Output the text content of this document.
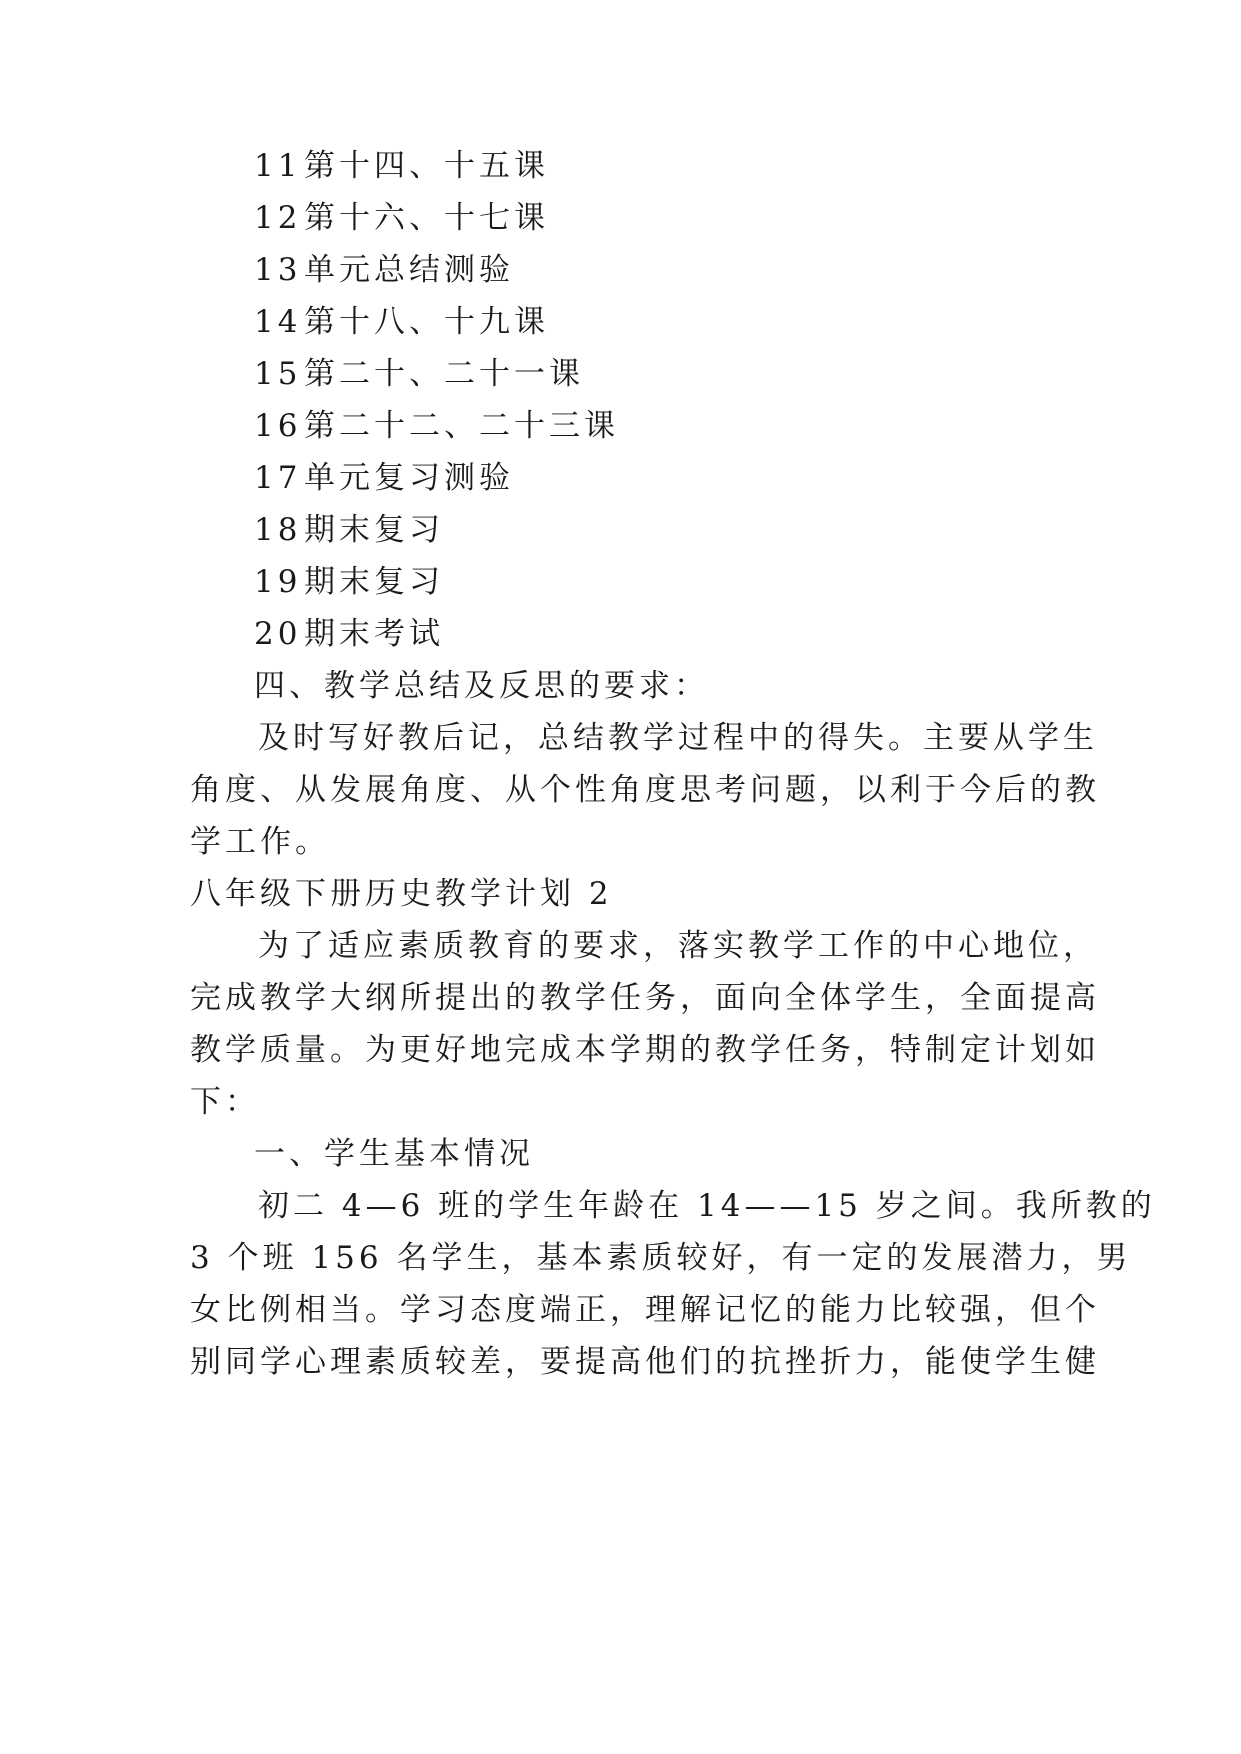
11第十四、十五课
12第十六、十七课
13单元总结测验
14第十八、十九课
15第二十、二十一课
16第二十二、二十三课
17单元复习测验
18期末复习
19期末复习
20期末考试
四、教学总结及反思的要求：
及时写好教后记，总结教学过程中的得失。主要从学生
角度、从发展角度、从个性角度思考问题，以利于今后的教
学工作。
八年级下册历史教学计划 2
为了适应素质教育的要求，落实教学工作的中心地位，
完成教学大纲所提出的教学任务，面向全体学生，全面提高
教学质量。为更好地完成本学期的教学任务，特制定计划如
下：
一、学生基本情况
初二 4—6 班的学生年龄在 14——15 岁之间。我所教的
3 个班 156 名学生，基本素质较好，有一定的发展潜力，男
女比例相当。学习态度端正，理解记忆的能力比较强，但个
别同学心理素质较差，要提高他们的抗挫折力，能使学生健
